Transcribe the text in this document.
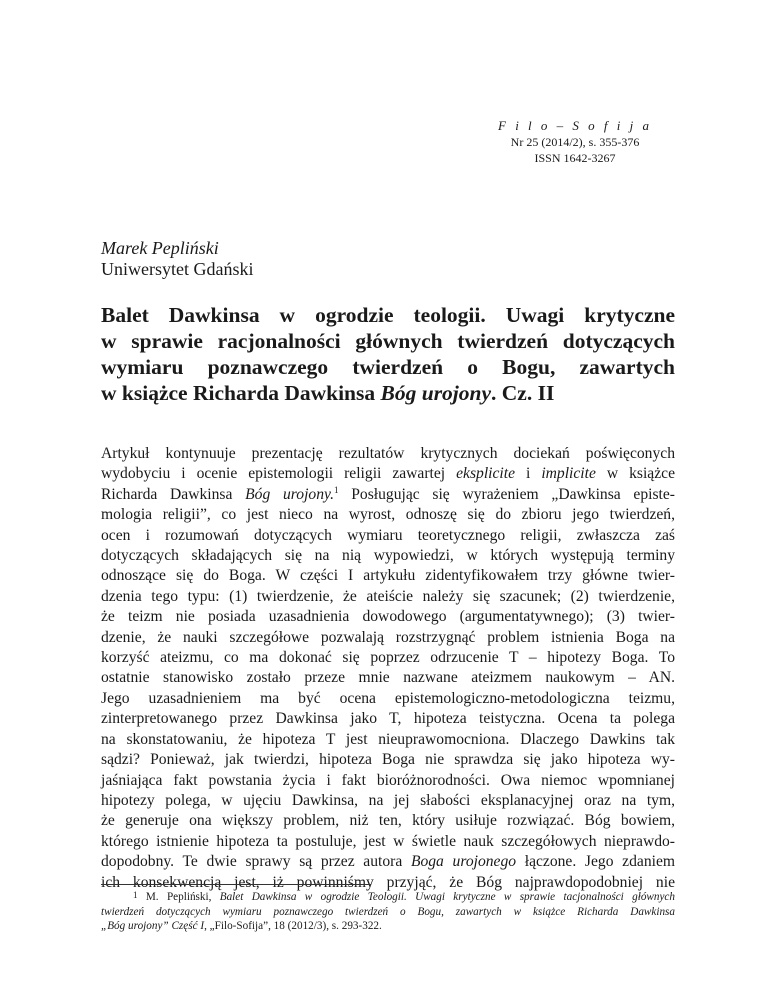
F i l o – S o f i j a
Nr 25 (2014/2), s. 355-376
ISSN 1642-3267
Marek Pepliński
Uniwersytet Gdański
Balet Dawkinsa w ogrodzie teologii. Uwagi krytyczne
w sprawie racjonalności głównych twierdzeń dotyczących
wymiaru poznawczego twierdzeń o Bogu, zawartych
w książce Richarda Dawkinsa Bóg urojony. Cz. II
Artykuł kontynuuje prezentację rezultatów krytycznych dociekań poświęconych
wydobyciu i ocenie epistemologii religii zawartej eksplicite i implicite w książce
Richarda Dawkinsa Bóg urojony.$^1$ Posługując się wyrażeniem „Dawkinsa episte-
mologia religii”, co jest nieco na wyrost, odnoszę się do zbioru jego twierdzeń,
ocen i rozumowań dotyczących wymiaru teoretycznego religii, zwłaszcza zaś
dotyczących składających się na nią wypowiedzi, w których występują terminy
odnoszące się do Boga. W części I artykułu zidentyfikowałem trzy główne twier-
dzenia tego typu: (1) twierdzenie, że ateiście należy się szacunek; (2) twierdzenie,
że teizm nie posiada uzasadnienia dowodowego (argumentatywnego); (3) twier-
dzenie, że nauki szczegółowe pozwalają rozstrzygnąć problem istnienia Boga na
korzyść ateizmu, co ma dokonać się poprzez odrzucenie T – hipotezy Boga. To
ostatnie stanowisko zostało przeze mnie nazwane ateizmem naukowym – AN.
Jego uzasadnieniem ma być ocena epistemologiczno-metodologiczna teizmu,
zinterpretowanego przez Dawkinsa jako T, hipoteza teistyczna. Ocena ta polega
na skonstatowaniu, że hipoteza T jest nieuprawomocniona. Dlaczego Dawkins tak
sądzi? Ponieważ, jak twierdzi, hipoteza Boga nie sprawdza się jako hipoteza wy-
jaśniająca fakt powstania życia i fakt bioróżnorodności. Owa niemoc wpomnianej
hipotezy polega, w ujęciu Dawkinsa, na jej słabości eksplanacyjnej oraz na tym,
że generuje ona większy problem, niż ten, który usiłuje rozwiązać. Bóg bowiem,
którego istnienie hipoteza ta postuluje, jest w świetle nauk szczegółowych nieprawdo-
dopodobny. Te dwie sprawy są przez autora Boga urojonego łączone. Jego zdaniem
ich konsekwencją jest, iż powinniśmy przyjąć, że Bóg najprawdopodobniej nie
$^1$ M. Pepliński, Balet Dawkinsa w ogrodzie Teologii. Uwagi krytyczne w sprawie tacjonalności głównych
twierdzeń dotyczących wymiaru poznawczego twierdzeń o Bogu, zawartych w książce Richarda Dawkinsa
„Bóg urojony” Część I, „Filo-Sofija”, 18 (2012/3), s. 293-322.
